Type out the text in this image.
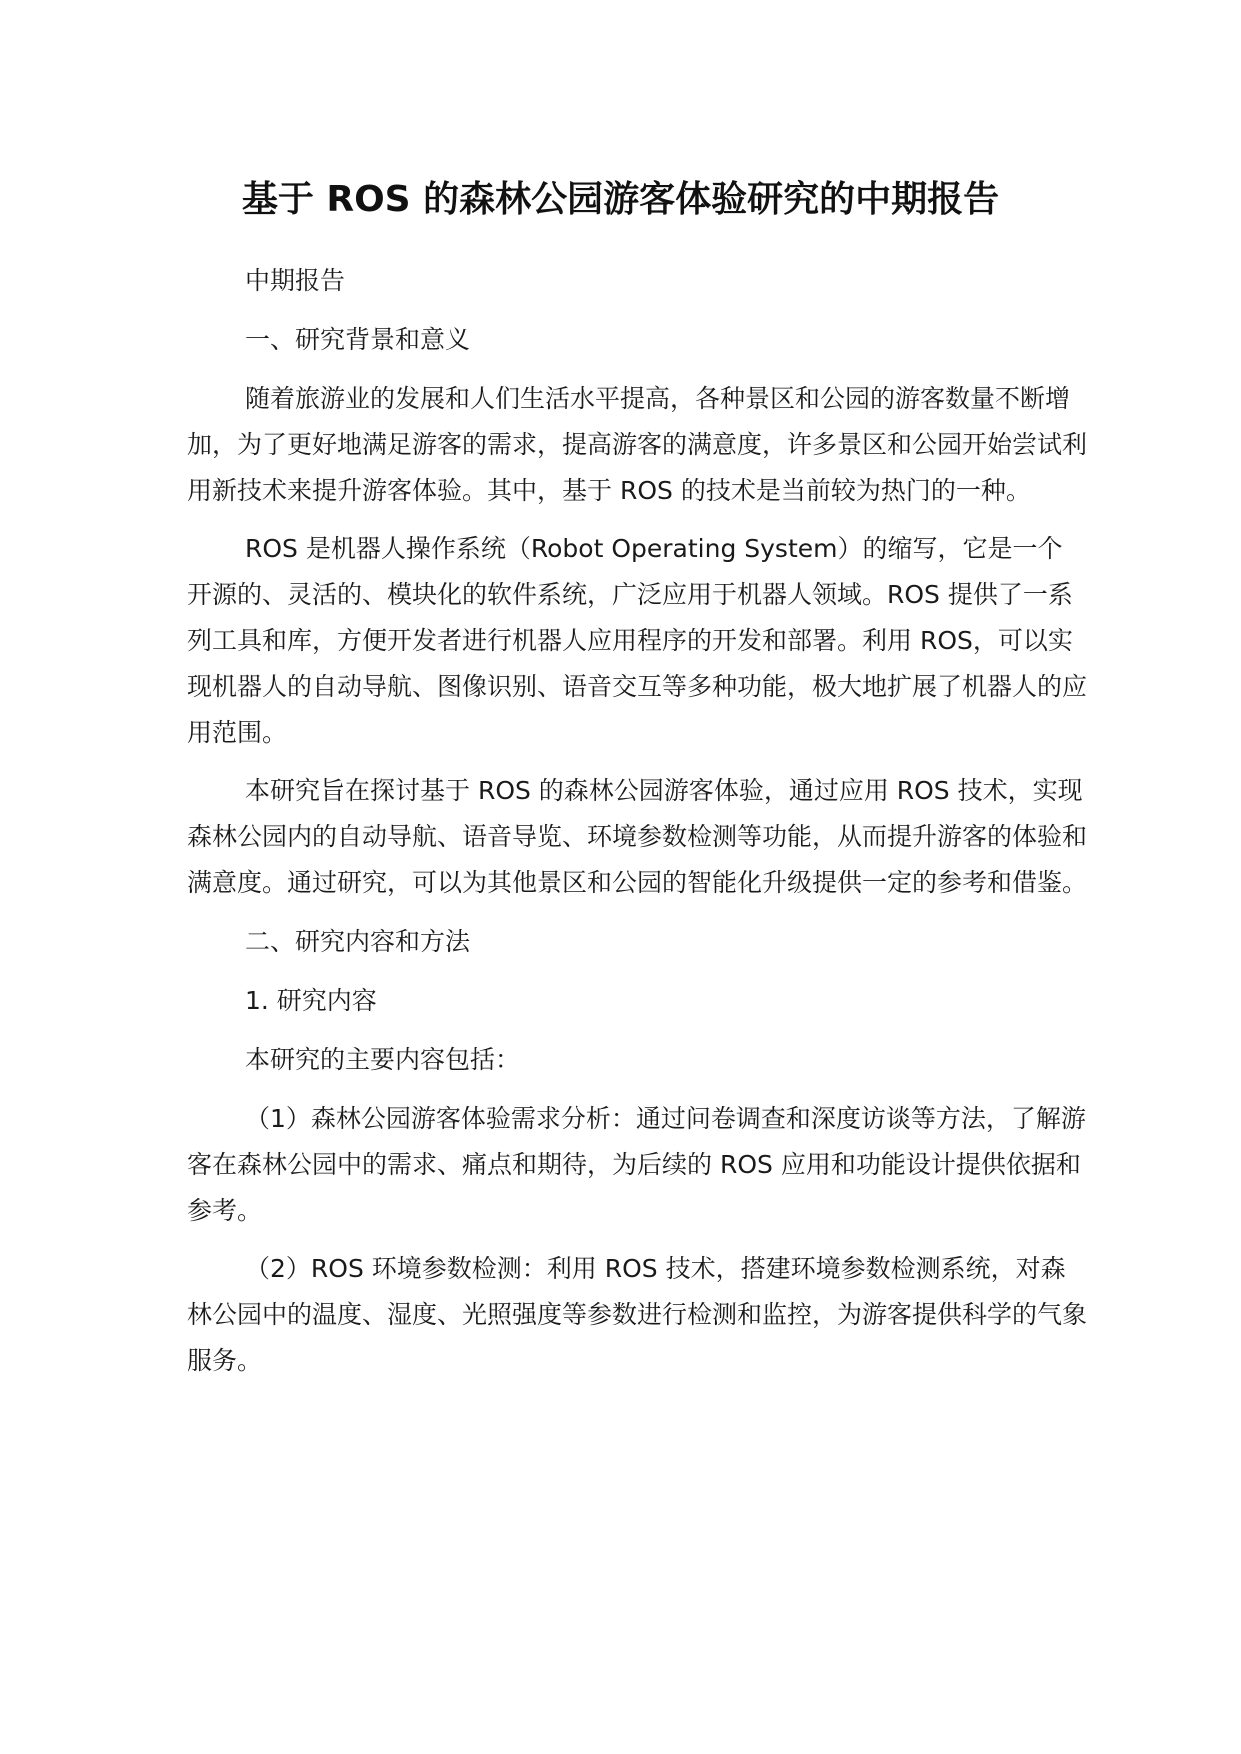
基于 ROS 的森林公园游客体验研究的中期报告

中期报告

一、研究背景和意义

随着旅游业的发展和人们生活水平提高，各种景区和公园的游客数量不断增加，为了更好地满足游客的需求，提高游客的满意度，许多景区和公园开始尝试利用新技术来提升游客体验。其中，基于 ROS 的技术是当前较为热门的一种。

ROS 是机器人操作系统（Robot Operating System）的缩写，它是一个开源的、灵活的、模块化的软件系统，广泛应用于机器人领域。ROS 提供了一系列工具和库，方便开发者进行机器人应用程序的开发和部署。利用 ROS，可以实现机器人的自动导航、图像识别、语音交互等多种功能，极大地扩展了机器人的应用范围。

本研究旨在探讨基于 ROS 的森林公园游客体验，通过应用 ROS 技术，实现森林公园内的自动导航、语音导览、环境参数检测等功能，从而提升游客的体验和满意度。通过研究，可以为其他景区和公园的智能化升级提供一定的参考和借鉴。

二、研究内容和方法

1. 研究内容

本研究的主要内容包括：

（1）森林公园游客体验需求分析：通过问卷调查和深度访谈等方法，了解游客在森林公园中的需求、痛点和期待，为后续的 ROS 应用和功能设计提供依据和参考。

（2）ROS 环境参数检测：利用 ROS 技术，搭建环境参数检测系统，对森林公园中的温度、湿度、光照强度等参数进行检测和监控，为游客提供科学的气象服务。
